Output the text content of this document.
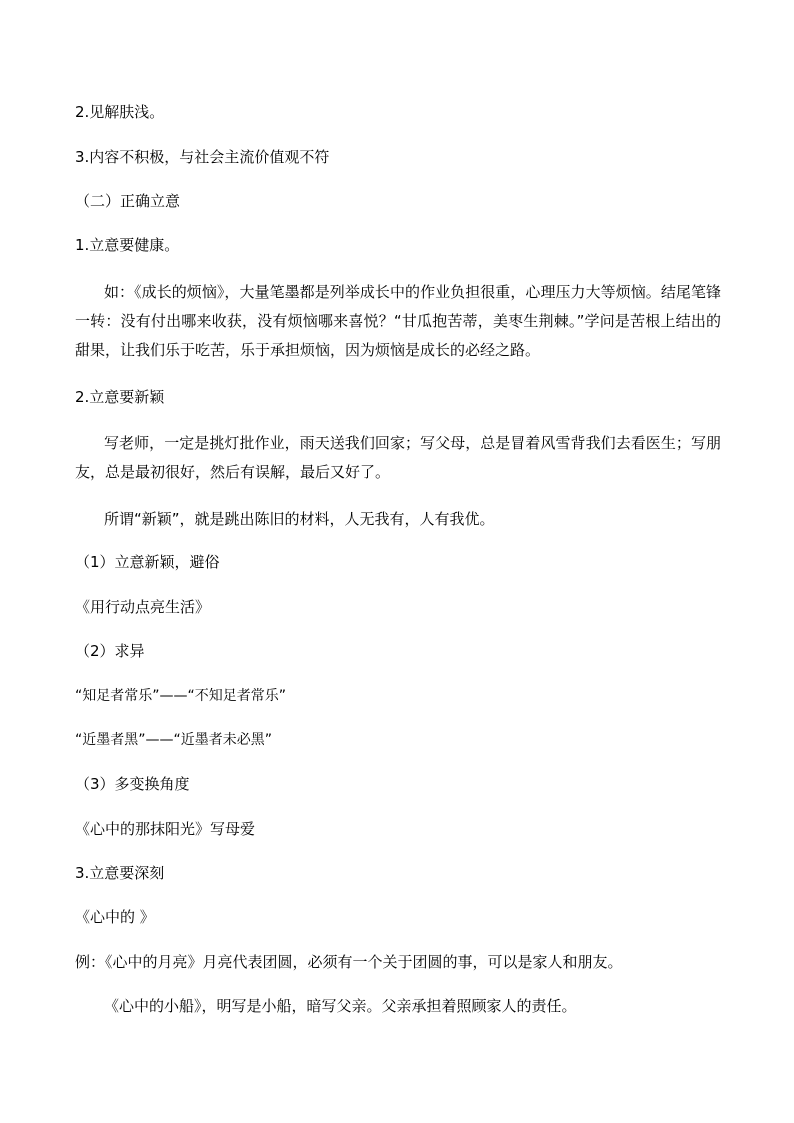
2.见解肤浅。

3.内容不积极，与社会主流价值观不符

（二）正确立意

1.立意要健康。

如：《成长的烦恼》，大量笔墨都是列举成长中的作业负担很重，心理压力大等烦恼。结尾笔锋一转：没有付出哪来收获，没有烦恼哪来喜悦？“甘瓜抱苦蒂，美枣生荆棘。”学问是苦根上结出的甜果，让我们乐于吃苦，乐于承担烦恼，因为烦恼是成长的必经之路。

2.立意要新颖

写老师，一定是挑灯批作业，雨天送我们回家；写父母，总是冒着风雪背我们去看医生；写朋友，总是最初很好，然后有误解，最后又好了。

所谓“新颖”，就是跳出陈旧的材料，人无我有，人有我优。

（1）立意新颖，避俗

《用行动点亮生活》

（2）求异

“知足者常乐”——“不知足者常乐”

“近墨者黑”——“近墨者未必黑”

（3）多变换角度

《心中的那抹阳光》写母爱

3.立意要深刻

《心中的 》

例：《心中的月亮》月亮代表团圆，必须有一个关于团圆的事，可以是家人和朋友。

《心中的小船》，明写是小船，暗写父亲。父亲承担着照顾家人的责任。
